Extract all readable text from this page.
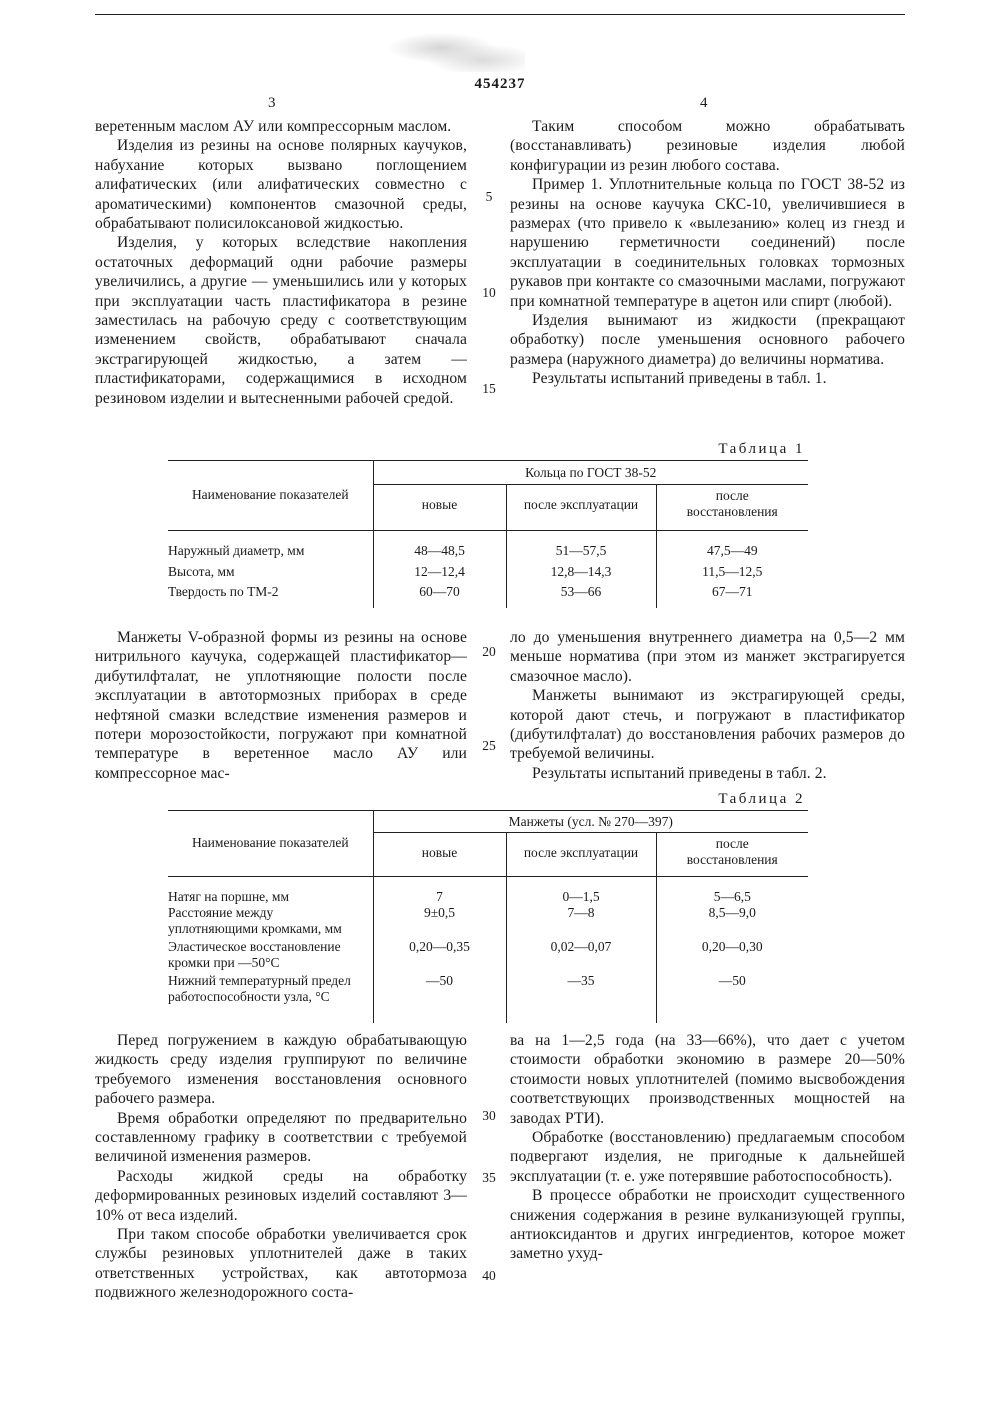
454237
3	4

веретенным маслом АУ или компрессорным маслом.

Изделия из резины на основе полярных каучуков, набухание которых вызвано поглощением алифатических (или алифатических совместно с ароматическими) компонентов смазочной среды, обрабатывают полисилоксановой жидкостью.

Изделия, у которых вследствие накопления остаточных деформаций одни рабочие размеры увеличились, а другие — уменьшились или у которых при эксплуатации часть пластификатора в резине заместилась на рабочую среду с соответствующим изменением свойств, обрабатывают сначала экстрагирующей жидкостью, а затем — пластификаторами, содержащимися в исходном резиновом изделии и вытесненными рабочей средой.

Таким способом можно обрабатывать (восстанавливать) резиновые изделия любой конфигурации из резин любого состава.

Пример 1. Уплотнительные кольца по ГОСТ 38-52 из резины на основе каучука СКС-10, увеличившиеся в размерах (что привело к «вылезанию» колец из гнезд и нарушению герметичности соединений) после эксплуатации в соединительных головках тормозных рукавов при контакте со смазочными маслами, погружают при комнатной температуре в ацетон или спирт (любой).

Изделия вынимают из жидкости (прекращают обработку) после уменьшения основного рабочего размера (наружного диаметра) до величины норматива.

Результаты испытаний приведены в табл. 1.

5
10
15
Таблица 1
Наименование показателей	Кольца по ГОСТ 38-52		
	новые	после эксплуатации	после восстановления
Наружный диаметр, мм	48—48,5	51—57,5	47,5—49
Высота, мм	12—12,4	12,8—14,3	11,5—12,5
Твердость по ТМ-2	60—70	53—66	67—71

Манжеты V-образной формы из резины на основе нитрильного каучука, содержащей пластификатор—дибутилфталат, не уплотняющие полости после эксплуатации в автотормозных приборах в среде нефтяной смазки вследствие изменения размеров и потери морозостойкости, погружают при комнатной температуре в веретенное масло АУ или компрессорное мас-

ло до уменьшения внутреннего диаметра на 0,5—2 мм меньше норматива (при этом из манжет экстрагируется смазочное масло).

Манжеты вынимают из экстрагирующей среды, которой дают стечь, и погружают в пластификатор (дибутилфталат) до восстановления рабочих размеров до требуемой величины.

Результаты испытаний приведены в табл. 2.

20
25
Таблица 2
Наименование показателей	Манжеты (усл. № 270—397)		
	новые	после эксплуатации	после восстановления
Натяг на поршне, мм	7	0—1,5	5—6,5
Расстояние между уплотняющими кромками, мм	9±0,5	7—8	8,5—9,0
Эластическое восстановление кромки при —50°С	0,20—0,35	0,02—0,07	0,20—0,30
Нижний температурный предел работоспособности узла, °С	—50	—35	—50

Перед погружением в каждую обрабатывающую жидкость среду изделия группируют по величине требуемого изменения восстановления основного рабочего размера.

Время обработки определяют по предварительно составленному графику в соответствии с требуемой величиной изменения размеров.

Расходы жидкой среды на обработку деформированных резиновых изделий составляют 3—10% от веса изделий.

При таком способе обработки увеличивается срок службы резиновых уплотнителей даже в таких ответственных устройствах, как автотормоза подвижного железнодорожного соста-

ва на 1—2,5 года (на 33—66%), что дает с учетом стоимости обработки экономию в размере 20—50% стоимости новых уплотнителей (помимо высвобождения соответствующих производственных мощностей на заводах РТИ).

Обработке (восстановлению) предлагаемым способом подвергают изделия, не пригодные к дальнейшей эксплуатации (т. е. уже потерявшие работоспособность).

В процессе обработки не происходит существенного снижения содержания в резине вулканизующей группы, антиоксидантов и других ингредиентов, которое может заметно ухуд-

30
35
40
